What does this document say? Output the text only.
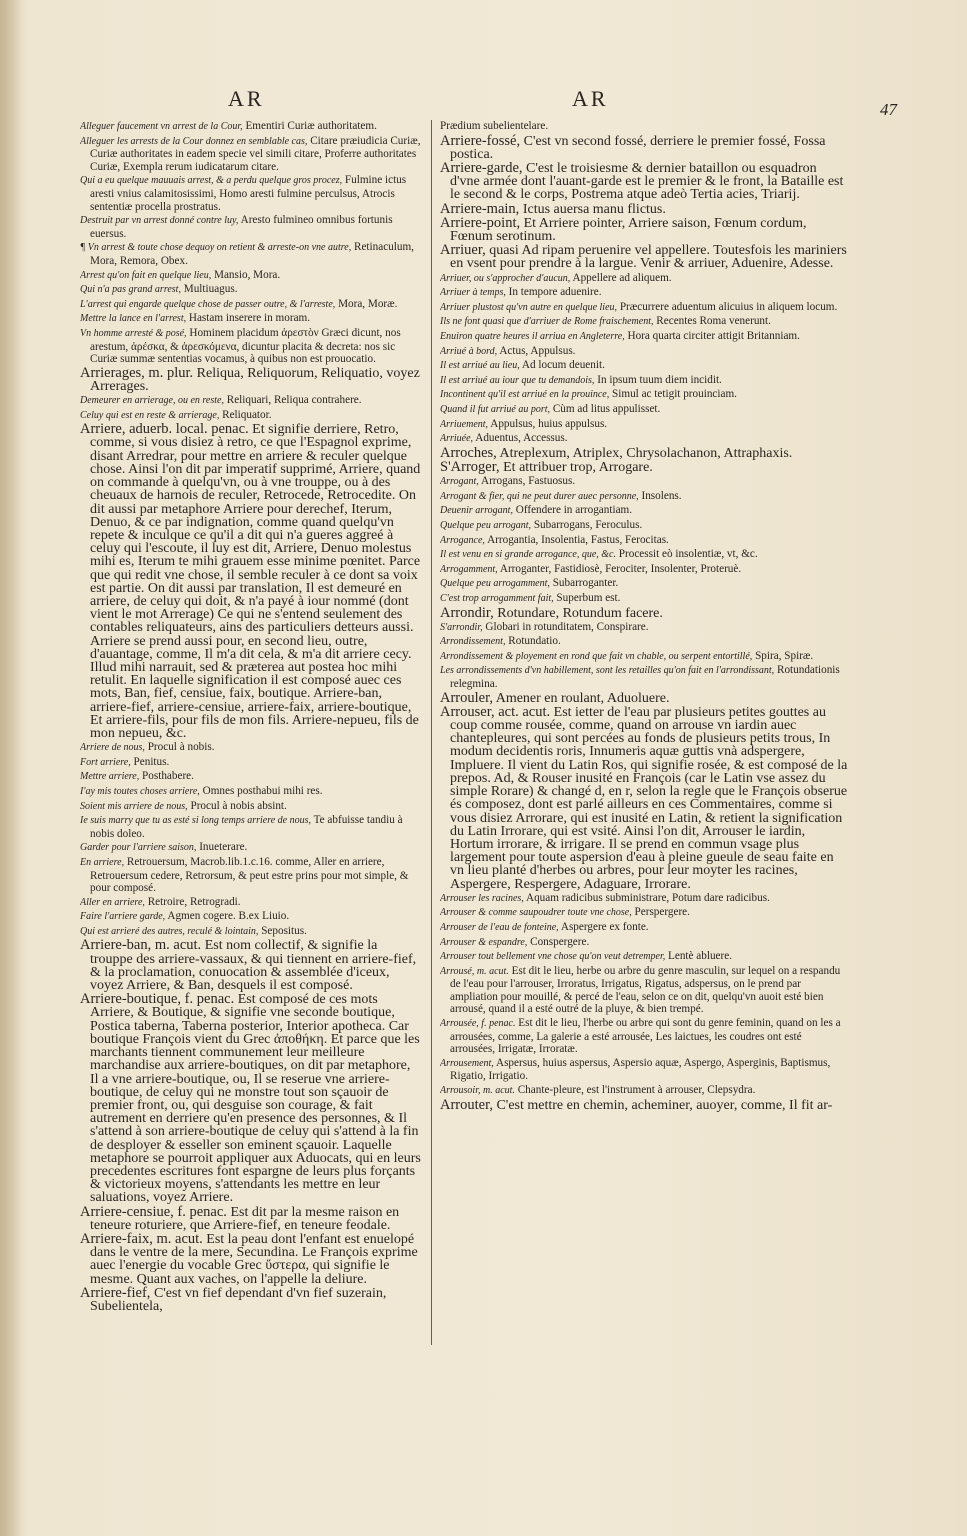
AR	AR	47

Alleguer faucement vn arrest de la Cour, Ementiri Curiæ authoritatem.

Alleguer les arrests de la Cour donnez en semblable cas, Citare præiudicia Curiæ, Curiæ authoritates in eadem specie vel simili citare, Proferre authoritates Curiæ, Exempla rerum iudicatarum citare.

Qui a eu quelque mauuais arrest, & a perdu quelque gros procez, Fulmine ictus aresti vnius calamitosissimi, Homo aresti fulmine perculsus, Atrocis sententiæ procella prostratus.

Destruit par vn arrest donné contre luy, Aresto fulmineo omnibus fortunis euersus.

¶ Vn arrest & toute chose dequoy on retient & arreste-on vne autre, Retinaculum, Mora, Remora, Obex.

Arrest qu'on fait en quelque lieu, Mansio, Mora.

Qui n'a pas grand arrest, Multiuagus.

L'arrest qui engarde quelque chose de passer outre, & l'arreste, Mora, Moræ.

Mettre la lance en l'arrest, Hastam inserere in moram.

Vn homme arresté & posé, Hominem placidum ἀρεστὸν Græci dicunt, nos arestum, ἀρέσκα, & ἀρεσκόμενα, dicuntur placita & decreta: nos sic Curiæ summæ sententias vocamus, à quibus non est prouocatio.

Arrierages, m. plur. Reliqua, Reliquorum, Reliquatio, voyez Arrerages.

Demeurer en arrierage, ou en reste, Reliquari, Reliqua contrahere.

Celuy qui est en reste & arrierage, Reliquator.

Arriere, aduerb. local. penac. Et signifie derriere, Retro, comme, si vous disiez à retro, ce que l'Espagnol exprime, disant Arredrar, pour mettre en arriere & reculer quelque chose. Ainsi l'on dit par imperatif supprimé, Arriere, quand on commande à quelqu'vn, ou à vne trouppe, ou à des cheuaux de harnois de reculer, Retrocede, Retrocedite. On dit aussi par metaphore Arriere pour derechef, Iterum, Denuo, & ce par indignation, comme quand quelqu'vn repete & inculque ce qu'il a dit qui n'a gueres aggreé à celuy qui l'escoute, il luy est dit, Arriere, Denuo molestus mihi es, Iterum te mihi grauem esse minime pœnitet. Parce que qui redit vne chose, il semble reculer à ce dont sa voix est partie. On dit aussi par translation, Il est demeuré en arriere, de celuy qui doit, & n'a payé à iour nommé (dont vient le mot Arrerage) Ce qui ne s'entend seulement des contables reliquateurs, ains des particuliers detteurs aussi. Arriere se prend aussi pour, en second lieu, outre, d'auantage, comme, Il m'a dit cela, & m'a dit arriere cecy. Illud mihi narrauit, sed & præterea aut postea hoc mihi retulit. En laquelle signification il est composé auec ces mots, Ban, fief, censiue, faix, boutique. Arriere-ban, arriere-fief, arriere-censiue, arriere-faix, arriere-boutique, Et arriere-fils, pour fils de mon fils. Arriere-nepueu, fils de mon nepueu, &c.

Arriere de nous, Procul à nobis.

Fort arriere, Penitus.

Mettre arriere, Posthabere.

I'ay mis toutes choses arriere, Omnes posthabui mihi res.

Soient mis arriere de nous, Procul à nobis absint.

Ie suis marry que tu as esté si long temps arriere de nous, Te abfuisse tandiu à nobis doleo.

Garder pour l'arriere saison, Inueterare.

En arriere, Retrouersum, Macrob.lib.1.c.16. comme, Aller en arriere, Retrouersum cedere, Retrorsum, & peut estre prins pour mot simple, & pour composé.

Aller en arriere, Retroire, Retrogradi.

Faire l'arriere garde, Agmen cogere. B.ex Liuio.

Qui est arrieré des autres, reculé & lointain, Sepositus.

Arriere-ban, m. acut. Est nom collectif, & signifie la trouppe des arriere-vassaux, & qui tiennent en arriere-fief, & la proclamation, conuocation & assemblée d'iceux, voyez Arriere, & Ban, desquels il est composé.

Arriere-boutique, f. penac. Est composé de ces mots Arriere, & Boutique, & signifie vne seconde boutique, Postica taberna, Taberna posterior, Interior apotheca. Car boutique François vient du Grec ἀποθήκη. Et parce que les marchants tiennent communement leur meilleure marchandise aux arriere-boutiques, on dit par metaphore, Il a vne arriere-boutique, ou, Il se reserue vne arriere-boutique, de celuy qui ne monstre tout son sçauoir de premier front, ou, qui desguise son courage, & fait autrement en derriere qu'en presence des personnes, & Il s'attend à son arriere-boutique de celuy qui s'attend à la fin de desployer & esseller son eminent sçauoir. Laquelle metaphore se pourroit appliquer aux Aduocats, qui en leurs precedentes escritures font espargne de leurs plus forçants & victorieux moyens, s'attendants les mettre en leur saluations, voyez Arriere.

Arriere-censiue, f. penac. Est dit par la mesme raison en teneure roturiere, que Arriere-fief, en teneure feodale.

Arriere-faix, m. acut. Est la peau dont l'enfant est enuelopé dans le ventre de la mere, Secundina. Le François exprime auec l'energie du vocable Grec ὕστερα, qui signifie le mesme. Quant aux vaches, on l'appelle la deliure.

Arriere-fief, C'est vn fief dependant d'vn fief suzerain, Subelientela,

Prædium subelientelare.

Arriere-fossé, C'est vn second fossé, derriere le premier fossé, Fossa postica.

Arriere-garde, C'est le troisiesme & dernier bataillon ou esquadron d'vne armée dont l'auant-garde est le premier & le front, la Bataille est le second & le corps, Postrema atque adeò Tertia acies, Triarij.

Arriere-main, Ictus auersa manu flictus.

Arriere-point, Et Arriere pointer, Arriere saison, Fœnum cordum, Fœnum serotinum.

Arriuer, quasi Ad ripam peruenire vel appellere. Toutesfois les mariniers en vsent pour prendre à la largue. Venir & arriuer, Aduenire, Adesse.

Arriuer, ou s'approcher d'aucun, Appellere ad aliquem.

Arriuer à temps, In tempore aduenire.

Arriuer plustost qu'vn autre en quelque lieu, Præcurrere aduentum alicuius in aliquem locum.

Ils ne font quasi que d'arriuer de Rome fraischement, Recentes Roma venerunt.

Enuiron quatre heures il arriua en Angleterre, Hora quarta circiter attigit Britanniam.

Arriué à bord, Actus, Appulsus.

Il est arriué au lieu, Ad locum deuenit.

Il est arriué au iour que tu demandois, In ipsum tuum diem incidit.

Incontinent qu'il est arriué en la prouince, Simul ac tetigit prouinciam.

Quand il fut arriué au port, Cùm ad litus appulisset.

Arriuement, Appulsus, huius appulsus.

Arriuée, Aduentus, Accessus.

Arroches, Atreplexum, Atriplex, Chrysolachanon, Attraphaxis.

S'Arroger, Et attribuer trop, Arrogare.

Arrogant, Arrogans, Fastuosus.

Arrogant & fier, qui ne peut durer auec personne, Insolens.

Deuenir arrogant, Offendere in arrogantiam.

Quelque peu arrogant, Subarrogans, Feroculus.

Arrogance, Arrogantia, Insolentia, Fastus, Ferocitas.

Il est venu en si grande arrogance, que, &c. Processit eò insolentiæ, vt, &c.

Arrogamment, Arroganter, Fastidiosè, Ferociter, Insolenter, Proteruè.

Quelque peu arrogamment, Subarroganter.

C'est trop arrogamment fait, Superbum est.

Arrondir, Rotundare, Rotundum facere.

S'arrondir, Globari in rotunditatem, Conspirare.

Arrondissement, Rotundatio.

Arrondissement & ployement en rond que fait vn chable, ou serpent entortillé, Spira, Spiræ.

Les arrondissements d'vn habillement, sont les retailles qu'on fait en l'arrondissant, Rotundationis relegmina.

Arrouler, Amener en roulant, Aduoluere.

Arrouser, act. acut. Est ietter de l'eau par plusieurs petites gouttes au coup comme rousée, comme, quand on arrouse vn iardin auec chantepleures, qui sont percées au fonds de plusieurs petits trous, In modum decidentis roris, Innumeris aquæ guttis vnà adspergere, Impluere. Il vient du Latin Ros, qui signifie rosée, & est composé de la prepos. Ad, & Rouser inusité en François (car le Latin vse assez du simple Rorare) & changé d, en r, selon la regle que le François obserue és composez, dont est parlé ailleurs en ces Commentaires, comme si vous disiez Arrorare, qui est inusité en Latin, & retient la signification du Latin Irrorare, qui est vsité. Ainsi l'on dit, Arrouser le iardin, Hortum irrorare, & irrigare. Il se prend en commun vsage plus largement pour toute aspersion d'eau à pleine gueule de seau faite en vn lieu planté d'herbes ou arbres, pour leur moyter les racines, Aspergere, Respergere, Adaguare, Irrorare.

Arrouser les racines, Aquam radicibus subministrare, Potum dare radicibus.

Arrouser & comme saupoudrer toute vne chose, Perspergere.

Arrouser de l'eau de fonteine, Aspergere ex fonte.

Arrouser & espandre, Conspergere.

Arrouser tout bellement vne chose qu'on veut detremper, Lentè abluere.

Arrousé, m. acut. Est dit le lieu, herbe ou arbre du genre masculin, sur lequel on a respandu de l'eau pour l'arrouser, Irroratus, Irrigatus, Rigatus, adspersus, on le prend par ampliation pour mouillé, & percé de l'eau, selon ce on dit, quelqu'vn auoit esté bien arrousé, quand il a esté outré de la pluye, & bien trempé.

Arrousée, f. penac. Est dit le lieu, l'herbe ou arbre qui sont du genre feminin, quand on les a arrousées, comme, La galerie a esté arrousée, Les laictues, les coudres ont esté arrousées, Irrigatæ, Irroratæ.

Arrousement, Aspersus, huius aspersus, Aspersio aquæ, Aspergo, Asperginis, Baptismus, Rigatio, Irrigatio.

Arrousoir, m. acut. Chante-pleure, est l'instrument à arrouser, Clepsydra.

Arrouter, C'est mettre en chemin, acheminer, auoyer, comme, Il fit ar-
